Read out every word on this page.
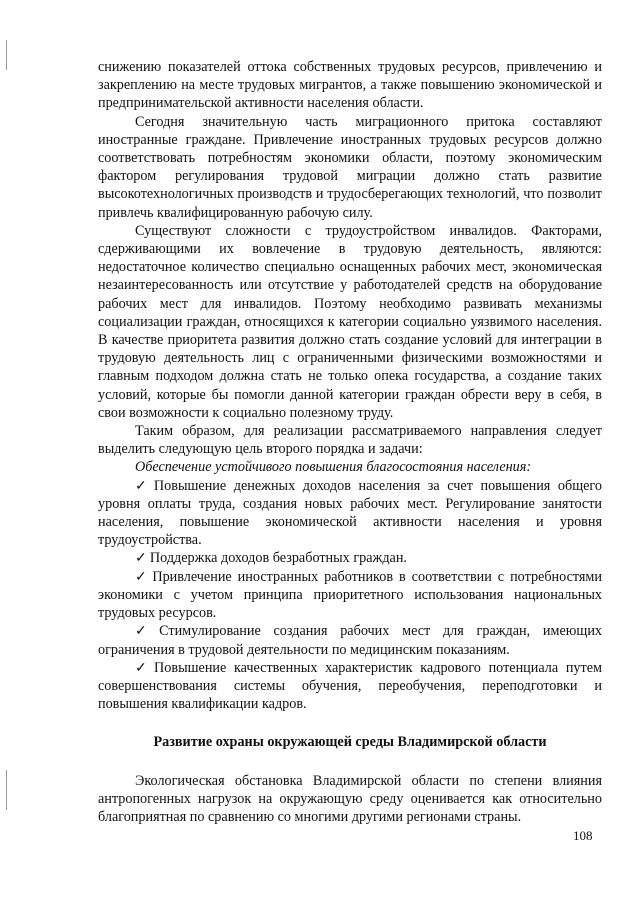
снижению показателей оттока собственных трудовых ресурсов, привлечению и закреплению на месте трудовых мигрантов, а также повышению экономической и предпринимательской активности населения области.

Сегодня значительную часть миграционного притока составляют иностранные граждане. Привлечение иностранных трудовых ресурсов должно соответствовать потребностям экономики области, поэтому экономическим фактором регулирования трудовой миграции должно стать развитие высокотехнологичных производств и трудосберегающих технологий, что позволит привлечь квалифицированную рабочую силу.

Существуют сложности с трудоустройством инвалидов. Факторами, сдерживающими их вовлечение в трудовую деятельность, являются: недостаточное количество специально оснащенных рабочих мест, экономическая незаинтересованность или отсутствие у работодателей средств на оборудование рабочих мест для инвалидов. Поэтому необходимо развивать механизмы социализации граждан, относящихся к категории социально уязвимого населения. В качестве приоритета развития должно стать создание условий для интеграции в трудовую деятельность лиц с ограниченными физическими возможностями и главным подходом должна стать не только опека государства, а создание таких условий, которые бы помогли данной категории граждан обрести веру в себя, в свои возможности к социально полезному труду.

Таким образом, для реализации рассматриваемого направления следует выделить следующую цель второго порядка и задачи:

Обеспечение устойчивого повышения благосостояния населения:

✓ Повышение денежных доходов населения за счет повышения общего уровня оплаты труда, создания новых рабочих мест. Регулирование занятости населения, повышение экономической активности населения и уровня трудоустройства.

✓ Поддержка доходов безработных граждан.

✓ Привлечение иностранных работников в соответствии с потребностями экономики с учетом принципа приоритетного использования национальных трудовых ресурсов.

✓ Стимулирование создания рабочих мест для граждан, имеющих ограничения в трудовой деятельности по медицинским показаниям.

✓ Повышение качественных характеристик кадрового потенциала путем совершенствования системы обучения, переобучения, переподготовки и повышения квалификации кадров.

Развитие охраны окружающей среды Владимирской области

Экологическая обстановка Владимирской области по степени влияния антропогенных нагрузок на окружающую среду оценивается как относительно благоприятная по сравнению со многими другими регионами страны.

108
